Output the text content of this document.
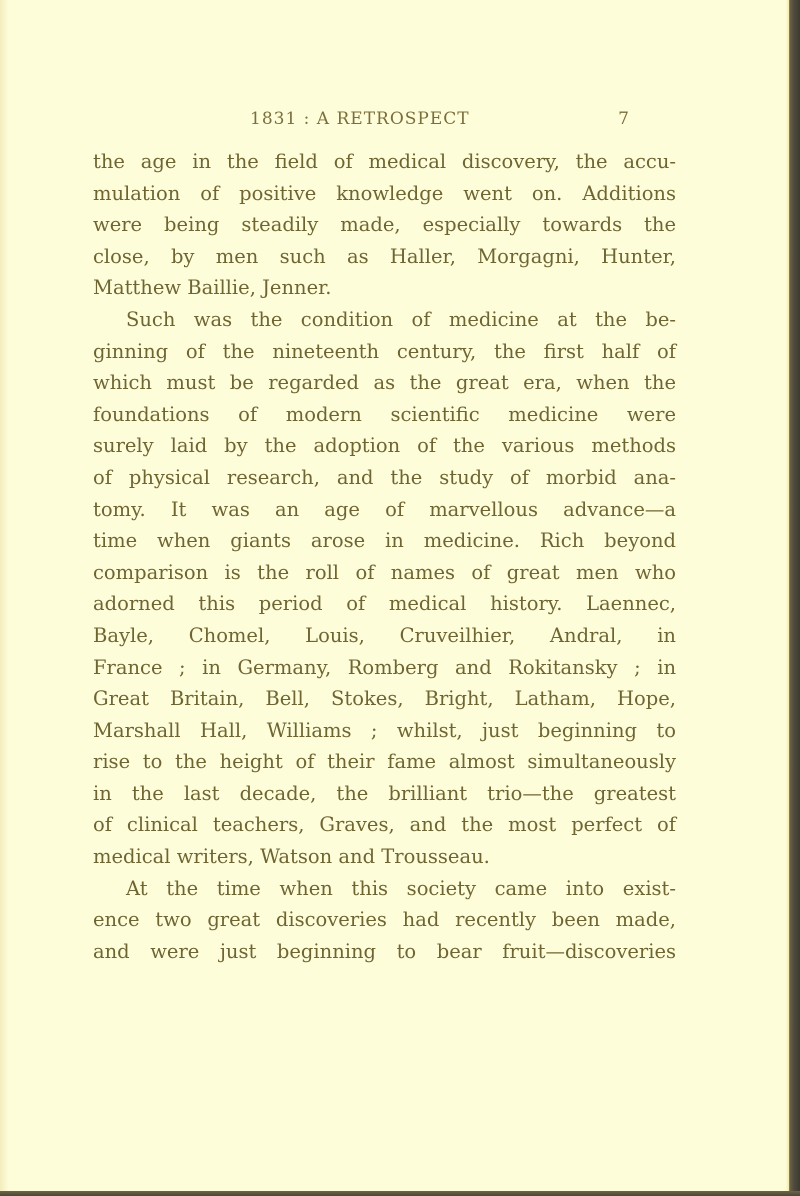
1831 : A RETROSPECT	7
the age in the field of medical discovery, the accu-
mulation of positive knowledge went on. Additions
were being steadily made, especially towards the
close, by men such as Haller, Morgagni, Hunter,
Matthew Baillie, Jenner.
Such was the condition of medicine at the be-
ginning of the nineteenth century, the first half of
which must be regarded as the great era, when the
foundations of modern scientific medicine were
surely laid by the adoption of the various methods
of physical research, and the study of morbid ana-
tomy. It was an age of marvellous advance—a
time when giants arose in medicine. Rich beyond
comparison is the roll of names of great men who
adorned this period of medical history. Laennec,
Bayle, Chomel, Louis, Cruveilhier, Andral, in
France ; in Germany, Romberg and Rokitansky ; in
Great Britain, Bell, Stokes, Bright, Latham, Hope,
Marshall Hall, Williams ; whilst, just beginning to
rise to the height of their fame almost simultaneously
in the last decade, the brilliant trio—the greatest
of clinical teachers, Graves, and the most perfect of
medical writers, Watson and Trousseau.
At the time when this society came into exist-
ence two great discoveries had recently been made,
and were just beginning to bear fruit—discoveries
